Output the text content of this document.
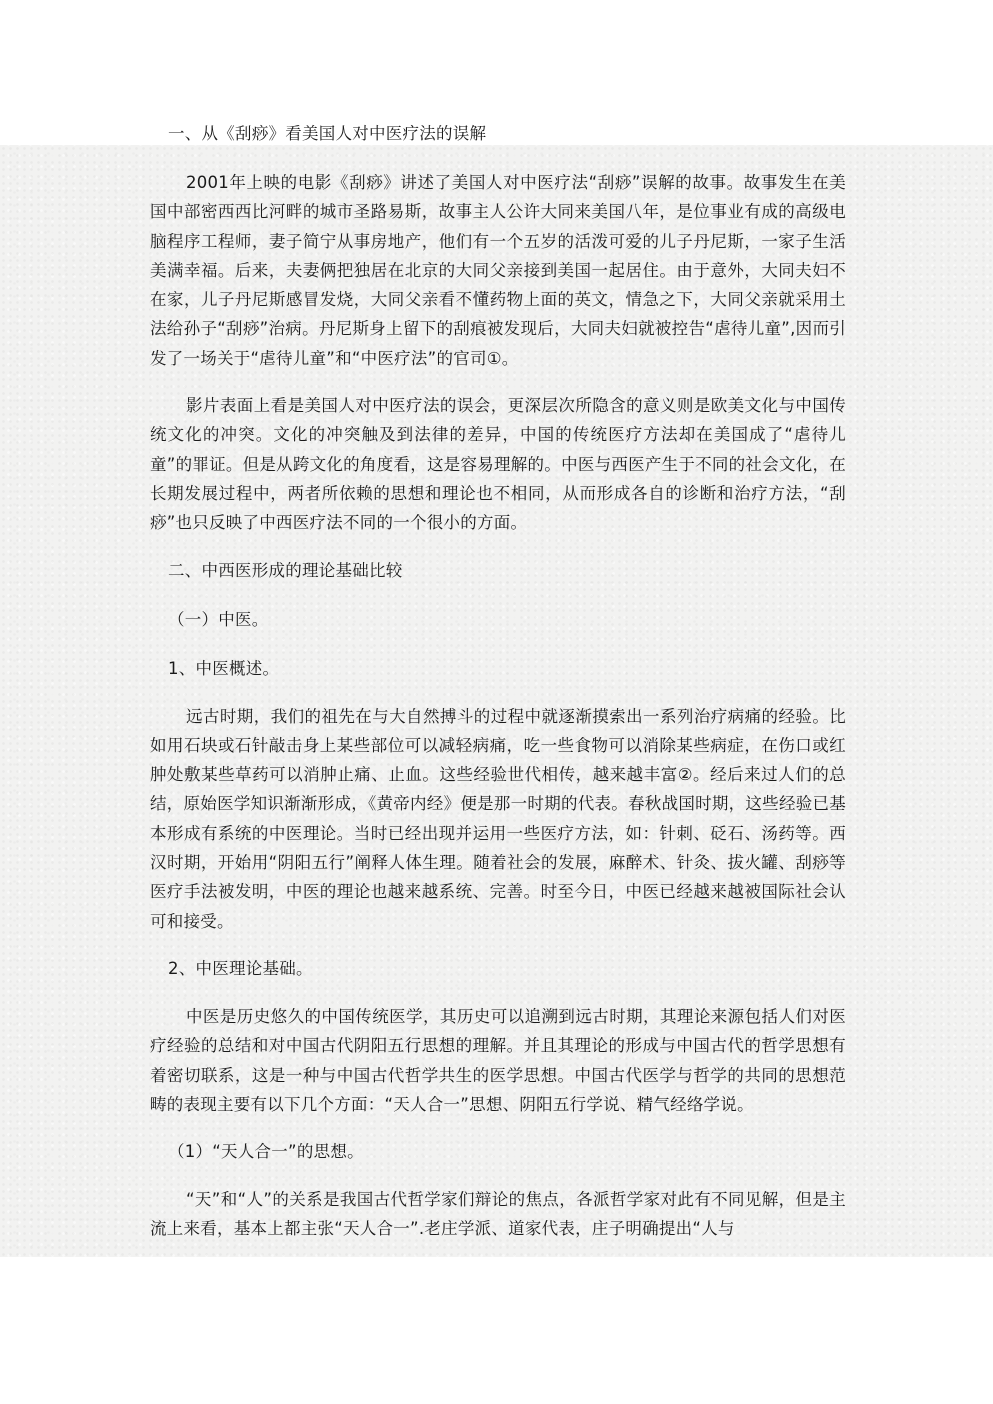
一、从《刮痧》看美国人对中医疗法的误解

2001年上映的电影《刮痧》讲述了美国人对中医疗法“刮痧”误解的故事。故事发生在美国中部密西西比河畔的城市圣路易斯，故事主人公许大同来美国八年，是位事业有成的高级电脑程序工程师，妻子简宁从事房地产，他们有一个五岁的活泼可爱的儿子丹尼斯，一家子生活美满幸福。后来，夫妻俩把独居在北京的大同父亲接到美国一起居住。由于意外，大同夫妇不在家，儿子丹尼斯感冒发烧，大同父亲看不懂药物上面的英文，情急之下，大同父亲就采用土法给孙子“刮痧”治病。丹尼斯身上留下的刮痕被发现后，大同夫妇就被控告“虐待儿童”,因而引发了一场关于“虐待儿童”和“中医疗法”的官司①。

影片表面上看是美国人对中医疗法的误会，更深层次所隐含的意义则是欧美文化与中国传统文化的冲突。文化的冲突触及到法律的差异，中国的传统医疗方法却在美国成了“虐待儿童”的罪证。但是从跨文化的角度看，这是容易理解的。中医与西医产生于不同的社会文化，在长期发展过程中，两者所依赖的思想和理论也不相同，从而形成各自的诊断和治疗方法，“刮痧”也只反映了中西医疗法不同的一个很小的方面。

二、中西医形成的理论基础比较

（一）中医。

1、中医概述。

远古时期，我们的祖先在与大自然搏斗的过程中就逐渐摸索出一系列治疗病痛的经验。比如用石块或石针敲击身上某些部位可以减轻病痛，吃一些食物可以消除某些病症，在伤口或红肿处敷某些草药可以消肿止痛、止血。这些经验世代相传，越来越丰富②。经后来过人们的总结，原始医学知识渐渐形成，《黄帝内经》便是那一时期的代表。春秋战国时期，这些经验已基本形成有系统的中医理论。当时已经出现并运用一些医疗方法，如：针刺、砭石、汤药等。西汉时期，开始用“阴阳五行”阐释人体生理。随着社会的发展，麻醉术、针灸、拔火罐、刮痧等医疗手法被发明，中医的理论也越来越系统、完善。时至今日，中医已经越来越被国际社会认可和接受。

2、中医理论基础。

中医是历史悠久的中国传统医学，其历史可以追溯到远古时期，其理论来源包括人们对医疗经验的总结和对中国古代阴阳五行思想的理解。并且其理论的形成与中国古代的哲学思想有着密切联系，这是一种与中国古代哲学共生的医学思想。中国古代医学与哲学的共同的思想范畴的表现主要有以下几个方面：“天人合一”思想、阴阳五行学说、精气经络学说。

（1）“天人合一”的思想。

“天”和“人”的关系是我国古代哲学家们辩论的焦点，各派哲学家对此有不同见解，但是主流上来看，基本上都主张“天人合一”.老庄学派、道家代表，庄子明确提出“人与
